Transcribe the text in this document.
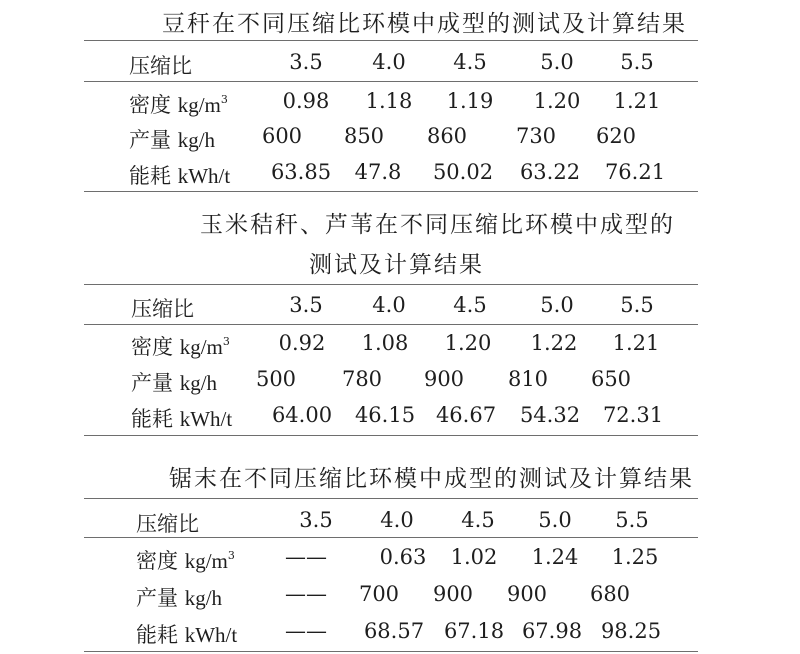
豆秆在不同压缩比环模中成型的测试及计算结果
压缩比	3.5 4.0 4.5	5.0 5.5
密度 $kg/m^3$	0.98 1.18 1.19 1.20 1.21
产量 kg/h 600 850 860 730 620
能耗 kWh/t 63.85 47.8 50.02 63.22 76.21
玉米秸秆、芦苇在不同压缩比环模中成型的
测试及计算结果
压缩比	3.5 4.0 4.5	5.0 5.5
密度 $kg/m^3$ 0.92 1.08 1.20 1.22 1.21
产量 kg/h 500 780 900 810 650
能耗 kWh/t 64.00 46.15 46.67 54.32 72.31
锯末在不同压缩比环模中成型的测试及计算结果
压缩比	3.5 4.0 4.5 5.0 5.5
密度 $kg/m^3$ ——	0.63 1.02 1.24 1.25
产量 kg/h	—— 700 900 900 680
能耗 kWh/t —— 68.57 67.18 67.98 98.25
